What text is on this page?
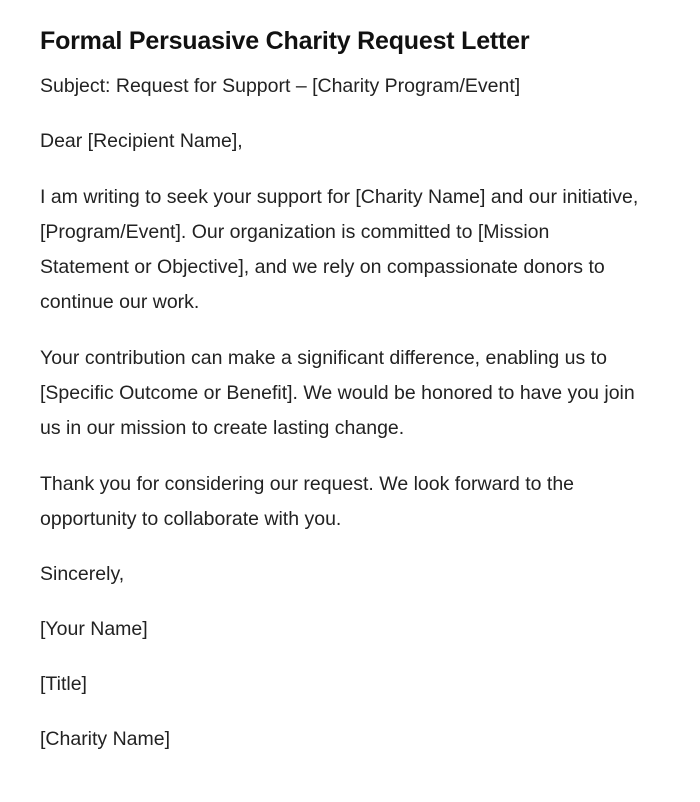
Formal Persuasive Charity Request Letter

Subject: Request for Support – [Charity Program/Event]

Dear [Recipient Name],

I am writing to seek your support for [Charity Name] and our initiative, [Program/Event]. Our organization is committed to [Mission Statement or Objective], and we rely on compassionate donors to continue our work.

Your contribution can make a significant difference, enabling us to [Specific Outcome or Benefit]. We would be honored to have you join us in our mission to create lasting change.

Thank you for considering our request. We look forward to the opportunity to collaborate with you.

Sincerely,

[Your Name]

[Title]

[Charity Name]
